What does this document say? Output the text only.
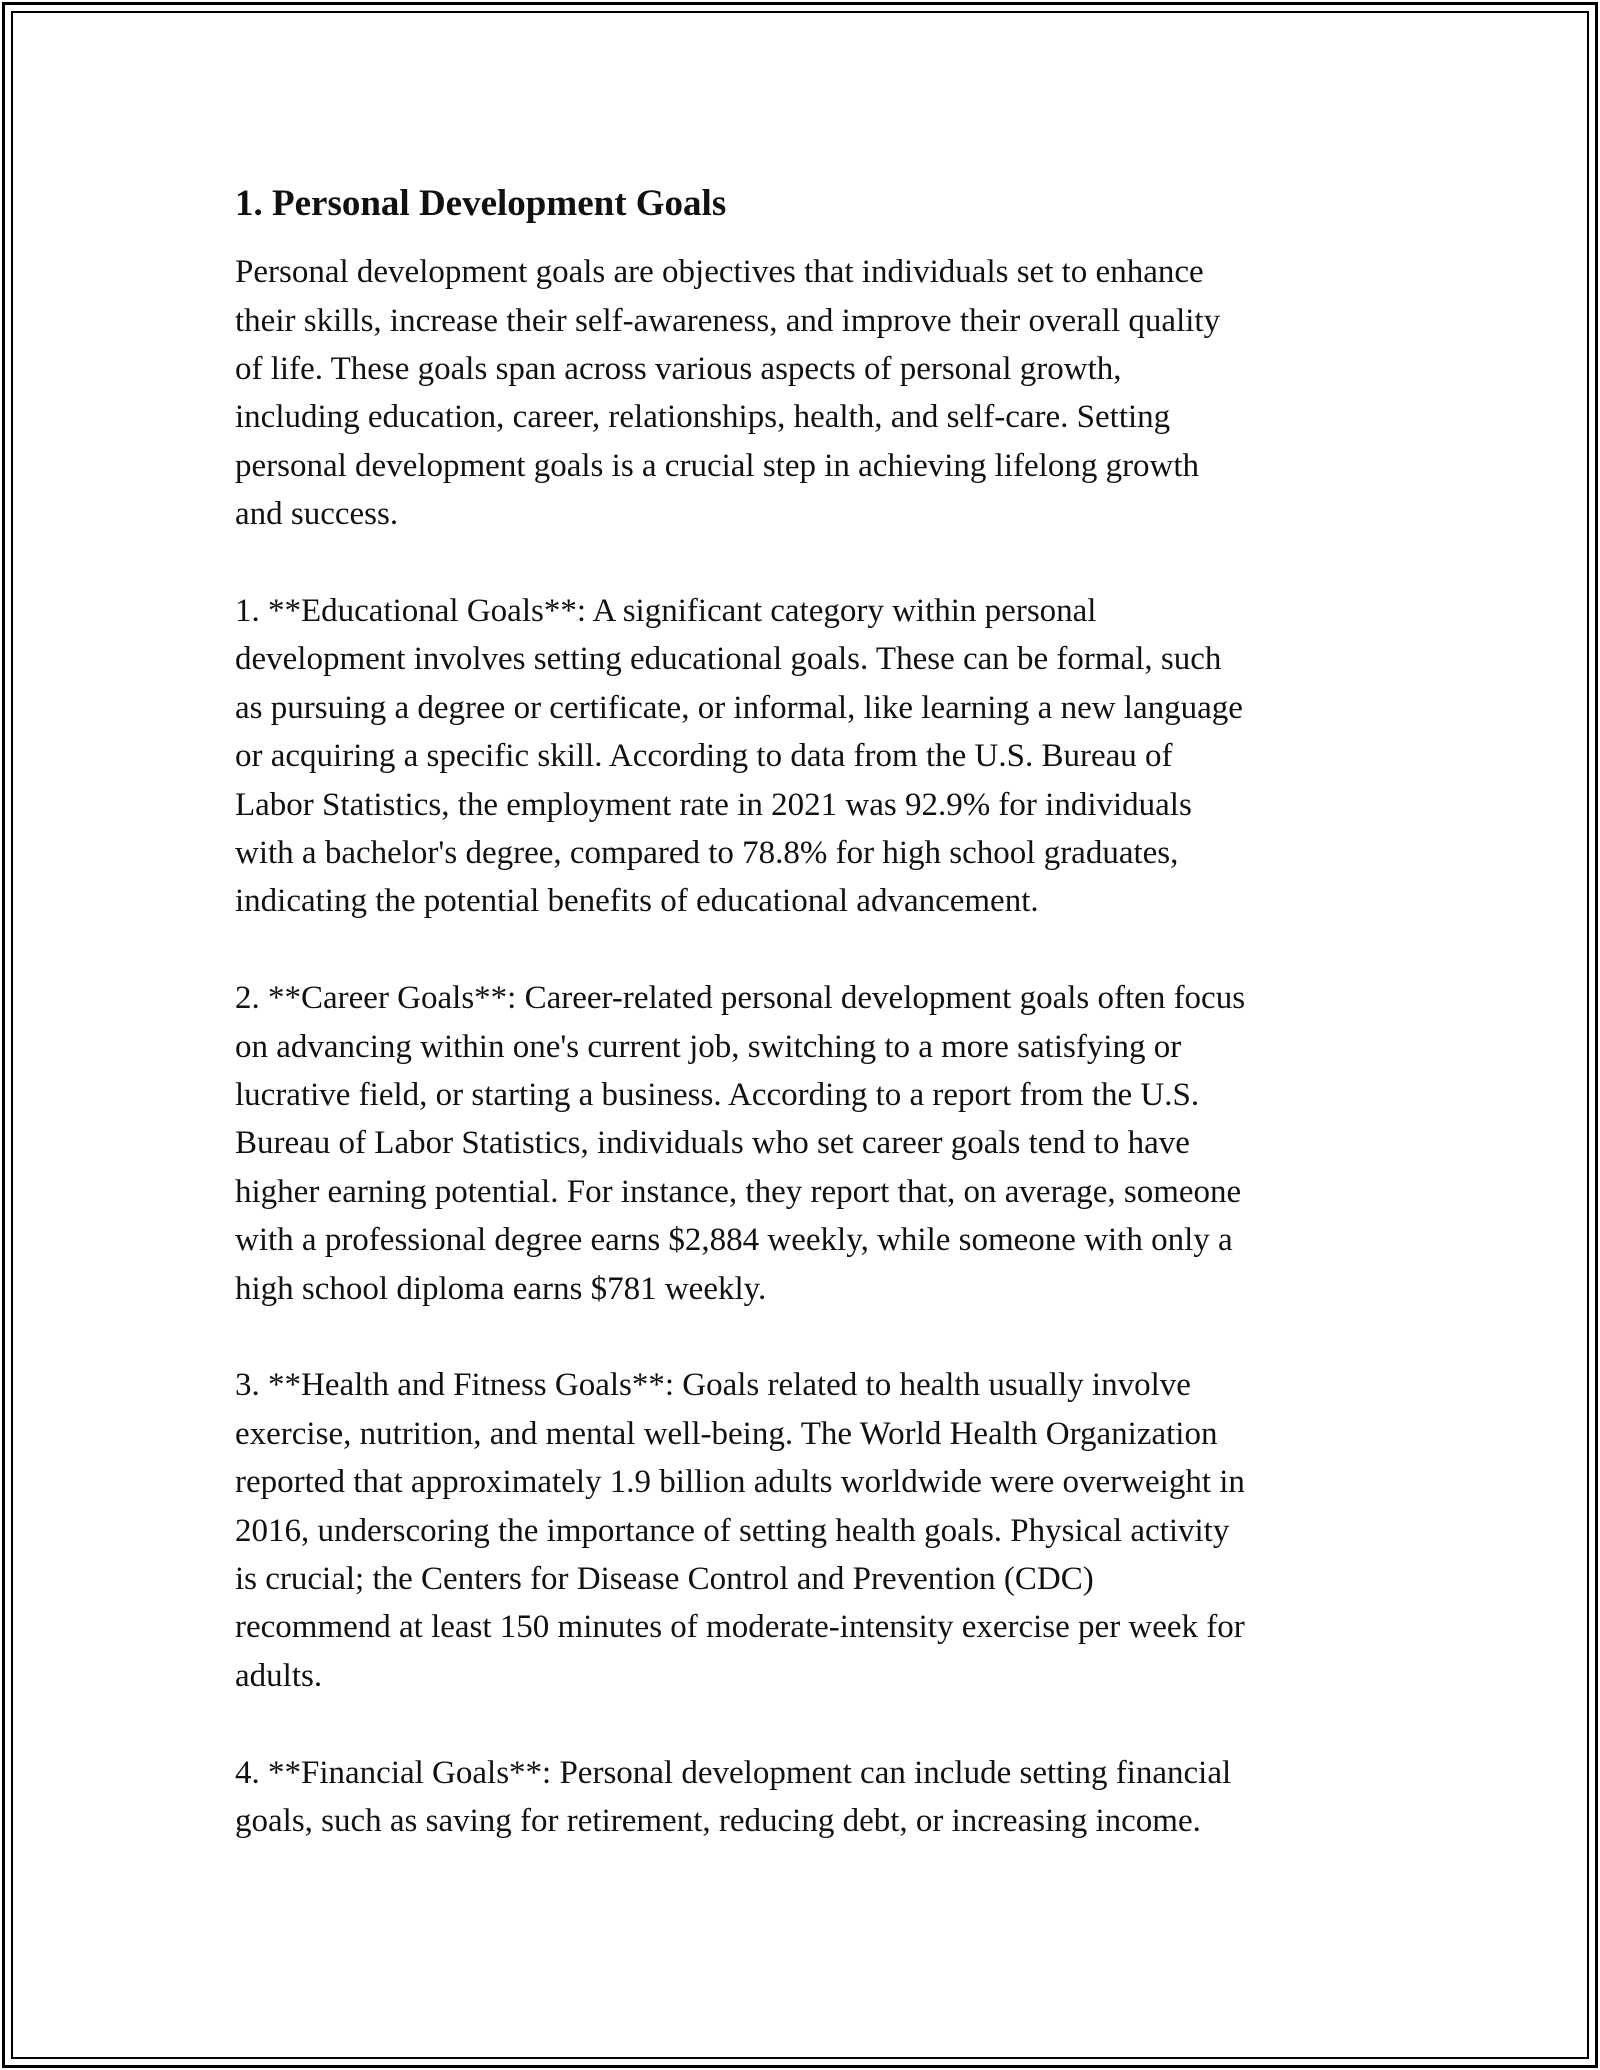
1. Personal Development Goals

Personal development goals are objectives that individuals set to enhance
their skills, increase their self-awareness, and improve their overall quality
of life. These goals span across various aspects of personal growth,
including education, career, relationships, health, and self-care. Setting
personal development goals is a crucial step in achieving lifelong growth
and success.

1. **Educational Goals**: A significant category within personal
development involves setting educational goals. These can be formal, such
as pursuing a degree or certificate, or informal, like learning a new language
or acquiring a specific skill. According to data from the U.S. Bureau of
Labor Statistics, the employment rate in 2021 was 92.9% for individuals
with a bachelor's degree, compared to 78.8% for high school graduates,
indicating the potential benefits of educational advancement.

2. **Career Goals**: Career-related personal development goals often focus
on advancing within one's current job, switching to a more satisfying or
lucrative field, or starting a business. According to a report from the U.S.
Bureau of Labor Statistics, individuals who set career goals tend to have
higher earning potential. For instance, they report that, on average, someone
with a professional degree earns $2,884 weekly, while someone with only a
high school diploma earns $781 weekly.

3. **Health and Fitness Goals**: Goals related to health usually involve
exercise, nutrition, and mental well-being. The World Health Organization
reported that approximately 1.9 billion adults worldwide were overweight in
2016, underscoring the importance of setting health goals. Physical activity
is crucial; the Centers for Disease Control and Prevention (CDC)
recommend at least 150 minutes of moderate-intensity exercise per week for
adults.

4. **Financial Goals**: Personal development can include setting financial
goals, such as saving for retirement, reducing debt, or increasing income.
